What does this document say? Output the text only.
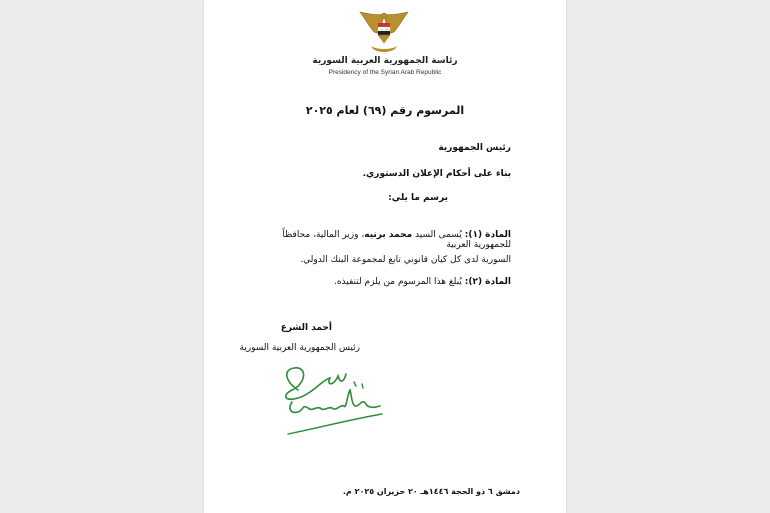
رئاسة الجمهورية العربية السورية
Presidency of the Syrian Arab Republic
المرسوم رقم (٦٩) لعام ٢٠٢٥
رئيس الجمهورية
بناء على أحكام الإعلان الدستوري.
يرسم ما يلي:
المادة (١): يُسمى السيد محمد برنيه، وزير المالية، محافظاً للجمهورية العربية
السورية لدى كل كيان قانوني تابع لمجموعة البنك الدولي.
المادة (٢): يُبلغ هذا المرسوم من يلزم لتنفيذه.
أحمد الشرع
رئيس الجمهورية العربية السورية
دمشق ٦ ذو الحجة ١٤٤٦هـ ٢٠ حزيران ٢٠٢٥ م.
